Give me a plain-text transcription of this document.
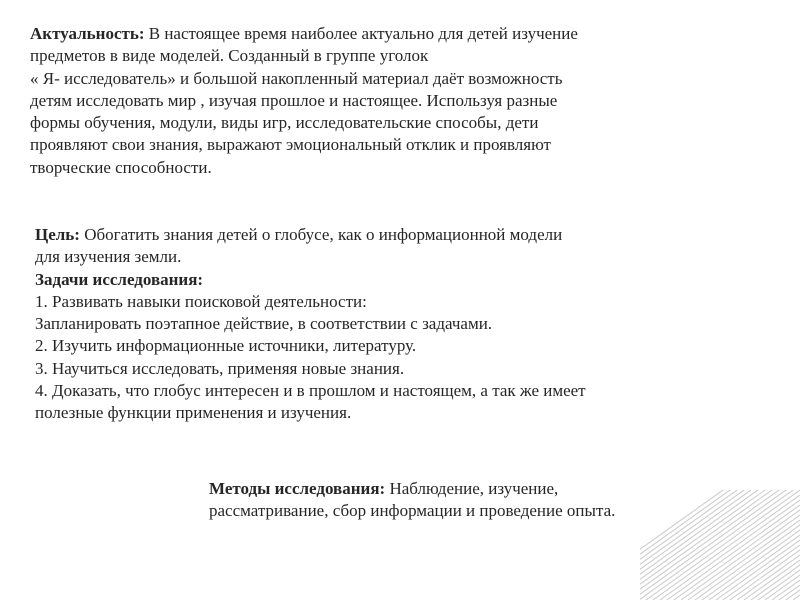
Актуальность: В настоящее время наиболее актуально для детей изучение
предметов в виде моделей. Созданный в группе уголок
« Я- исследователь» и большой накопленный материал даёт возможность
детям исследовать мир , изучая прошлое и настоящее. Используя разные
формы обучения, модули, виды игр, исследовательские способы, дети
проявляют свои знания, выражают эмоциональный отклик и проявляют
творческие способности.
Цель: Обогатить знания детей о глобусе, как о информационной модели
для изучения земли.
Задачи исследования:
1. Развивать навыки поисковой деятельности:
Запланировать поэтапное действие, в соответствии с задачами.
2. Изучить информационные источники, литературу.
3. Научиться исследовать, применяя новые знания.
4. Доказать, что глобус интересен и в прошлом и настоящем, а так же имеет
полезные функции применения и изучения.
Методы исследования: Наблюдение, изучение,
рассматривание, сбор информации и проведение опыта.
